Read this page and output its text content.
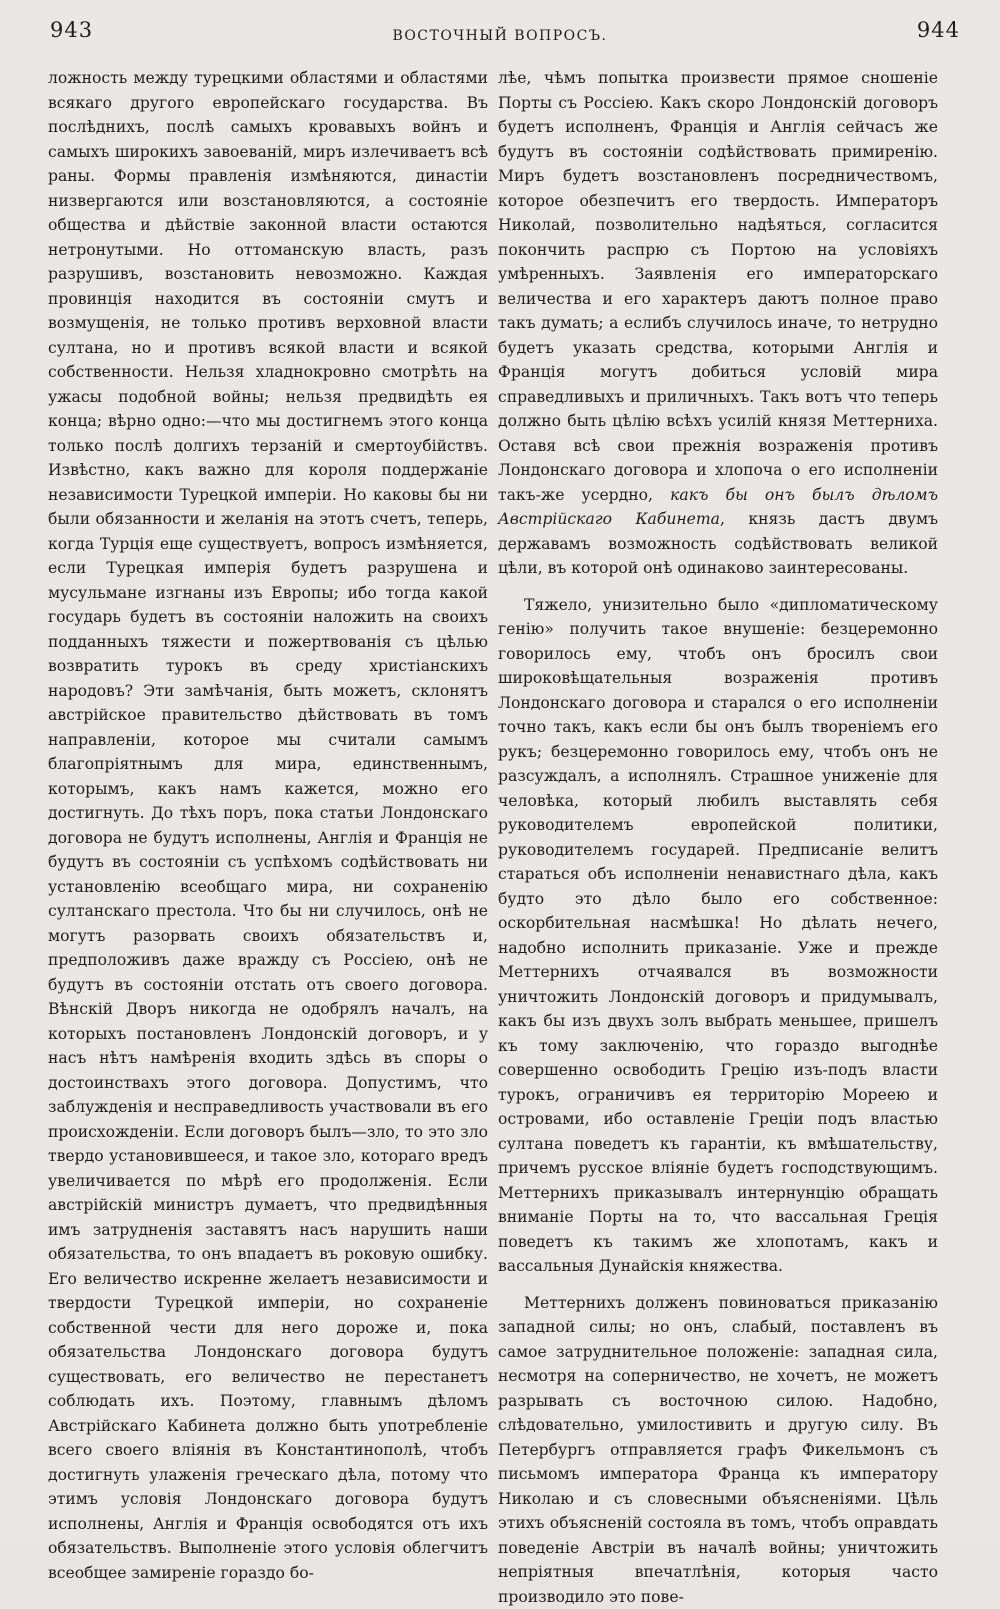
943	ВОСТОЧНЫЙ ВОПРОСЪ.	944

ложность между турецкими областями и областями всякаго другого европейскаго государства. Въ послѣднихъ, послѣ самыхъ кровавыхъ войнъ и самыхъ широкихъ завоеванiй, миръ излечиваетъ всѣ раны. Формы правленiя измѣняются, династiи низвергаются или возстановляются, а состоянiе общества и дѣйствiе законной власти остаются нетронутыми. Но оттоманскую власть, разъ разрушивъ, возстановить невозможно. Каждая провинцiя находится въ состоянiи смутъ и возмущенiя, не только противъ верховной власти султана, но и противъ всякой власти и всякой собственности. Нельзя хладнокровно смотрѣть на ужасы подобной войны; нельзя предвидѣть ея конца; вѣрно одно:—что мы достигнемъ этого конца только послѣ долгихъ терзанiй и смертоубiйствъ. Извѣстно, какъ важно для короля поддержанiе независимости Турецкой имперiи. Но каковы бы ни были обязанности и желанiя на этотъ счетъ, теперь, когда Турцiя еще существуетъ, вопросъ измѣняется, если Турецкая имперiя будетъ разрушена и мусульмане изгнаны изъ Европы; ибо тогда какой государь будетъ въ состоянiи наложить на своихъ подданныхъ тяжести и пожертвованiя съ цѣлью возвратить турокъ въ среду христiанскихъ народовъ? Эти замѣчанiя, быть можетъ, склонятъ австрiйское правительство дѣйствовать въ томъ направленiи, которое мы считали самымъ благопрiятнымъ для мира, единственнымъ, которымъ, какъ намъ кажется, можно его достигнуть. До тѣхъ поръ, пока статьи Лондонскаго договора не будутъ исполнены, Англiя и Францiя не будутъ въ состоянiи съ успѣхомъ содѣйствовать ни установленiю всеобщаго мира, ни сохраненiю султанскаго престола. Что бы ни случилось, онѣ не могутъ разорвать своихъ обязательствъ и, предположивъ даже вражду съ Россiею, онѣ не будутъ въ состоянiи отстать отъ своего договора. Вѣнскiй Дворъ никогда не одобрялъ началъ, на которыхъ постановленъ Лондонскiй договоръ, и у насъ нѣтъ намѣренiя входить здѣсь въ споры о достоинствахъ этого договора. Допустимъ, что заблужденiя и несправедливость участвовали въ его происхожденiи. Если договоръ былъ—зло, то это зло твердо установившееся, и такое зло, котораго вредъ увеличивается по мѣрѣ его продолженiя. Если австрiйскiй министръ думаетъ, что предвидѣнныя имъ затрудненiя заставятъ насъ нарушить наши обязательства, то онъ впадаетъ въ роковую ошибку. Его величество искренне желаетъ независимости и твердости Турецкой имперiи, но сохраненiе собственной чести для него дороже и, пока обязательства Лондонскаго договора будутъ существовать, его величество не перестанетъ соблюдать ихъ. Поэтому, главнымъ дѣломъ Австрiйскаго Кабинета должно быть употребленiе всего своего влiянiя въ Константинополѣ, чтобъ достигнуть улаженiя греческаго дѣла, потому что этимъ условiя Лондонскаго договора будутъ исполнены, Англiя и Францiя освободятся отъ ихъ обязательствъ. Выполненiе этого условiя облегчитъ всеобщее замиренiе гораздо бо-

лѣе, чѣмъ попытка произвести прямое сношенiе Порты съ Россiею. Какъ скоро Лондонскiй договоръ будетъ исполненъ, Францiя и Англiя сейчасъ же будутъ въ состоянiи содѣйствовать примиренiю. Миръ будетъ возстановленъ посредничествомъ, которое обезпечитъ его твердость. Императоръ Николай, позволительно надѣяться, согласится покончить распрю съ Портою на условiяхъ умѣренныхъ. Заявленiя его императорскаго величества и его характеръ даютъ полное право такъ думать; а еслибъ случилось иначе, то нетрудно будетъ указать средства, которыми Англiя и Францiя могутъ добиться условiй мира справедливыхъ и приличныхъ. Такъ вотъ что теперь должно быть цѣлiю всѣхъ усилiй князя Меттерниха. Оставя всѣ свои прежнiя возраженiя противъ Лондонскаго договора и хлопоча о его исполненiи такъ-же усердно, какъ бы онъ былъ дѣломъ Австрiйскаго Кабинета, князь дастъ двумъ державамъ возможность содѣйствовать великой цѣли, въ которой онѣ одинаково заинтересованы.

Тяжело, унизительно было «дипломатическому генiю» получить такое внушенiе: безцеремонно говорилось ему, чтобъ онъ бросилъ свои широковѣщательныя возраженiя противъ Лондонскаго договора и старался о его исполненiи точно такъ, какъ если бы онъ былъ творенiемъ его рукъ; безцеремонно говорилось ему, чтобъ онъ не разсуждалъ, а исполнялъ. Страшное униженiе для человѣка, который любилъ выставлять себя руководителемъ европейской политики, руководителемъ государей. Предписанiе велитъ стараться объ исполненiи ненавистнаго дѣла, какъ будто это дѣло было его собственное: оскорбительная насмѣшка! Но дѣлать нечего, надобно исполнить приказанiе. Уже и прежде Меттернихъ отчаявался въ возможности уничтожить Лондонскiй договоръ и придумывалъ, какъ бы изъ двухъ золъ выбрать меньшее, пришелъ къ тому заключенiю, что гораздо выгоднѣе совершенно освободить Грецiю изъ-подъ власти турокъ, ограничивъ ея территорiю Мореею и островами, ибо оставленiе Грецiи подъ властью султана поведетъ къ гарантiи, къ вмѣшательству, причемъ русское влiянiе будетъ господствующимъ. Меттернихъ приказывалъ интернунцiю обращать вниманiе Порты на то, что вассальная Грецiя поведетъ къ такимъ же хлопотамъ, какъ и вассальныя Дунайскiя княжества.

Меттернихъ долженъ повиноваться приказанiю западной силы; но онъ, слабый, поставленъ въ самое затруднительное положенiе: западная сила, несмотря на соперничество, не хочетъ, не можетъ разрывать съ восточною силою. Надобно, слѣдовательно, умилостивить и другую силу. Въ Петербургъ отправляется графъ Фикельмонъ съ письмомъ императора Франца къ императору Николаю и съ словесными объясненiями. Цѣль этихъ объясненiй состояла въ томъ, чтобъ оправдать поведенiе Австрiи въ началѣ войны; уничтожить непрiятныя впечатлѣнiя, которыя часто производило это пове-
